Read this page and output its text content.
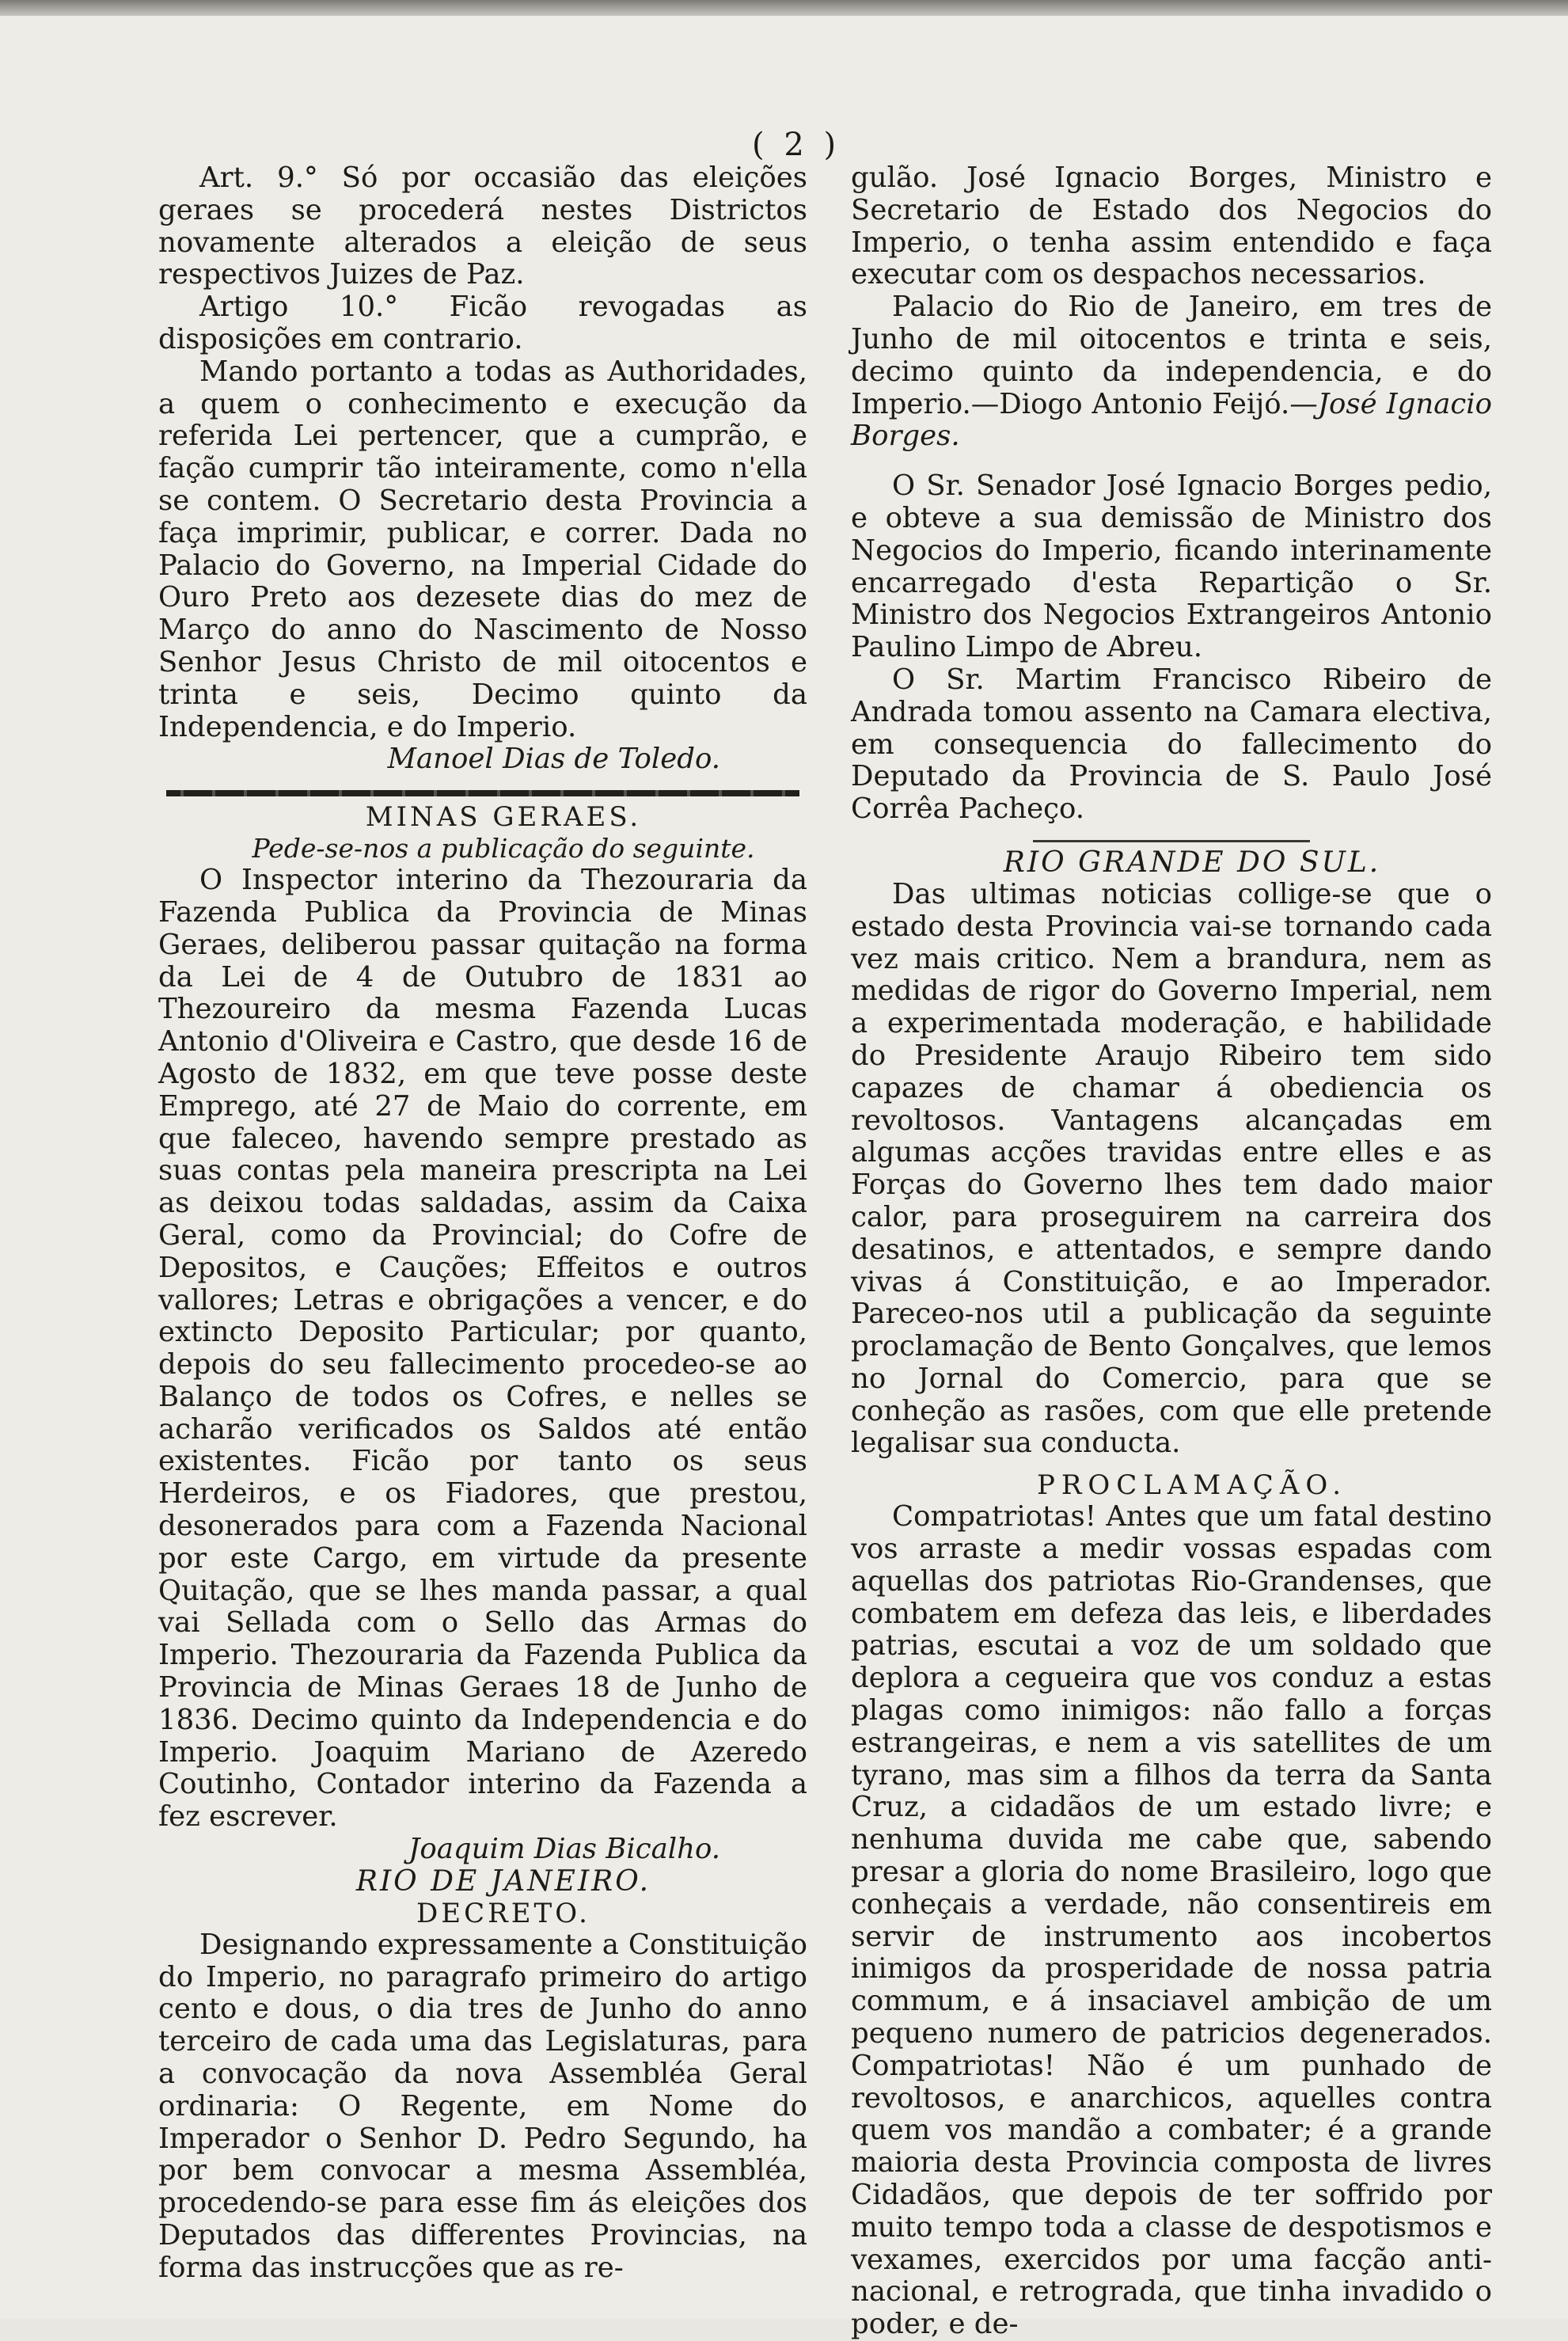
( 2 )

Art. 9.° Só por occasião das eleições geraes se procederá nestes Districtos novamente alterados a eleição de seus respectivos Juizes de Paz.

Artigo 10.° Ficão revogadas as disposições em contrario.

Mando portanto a todas as Authoridades, a quem o conhecimento e execução da referida Lei pertencer, que a cumprão, e fação cumprir tão inteiramente, como n'ella se contem. O Secretario desta Provincia a faça imprimir, publicar, e correr. Dada no Palacio do Governo, na Imperial Cidade do Ouro Preto aos dezesete dias do mez de Março do anno do Nascimento de Nosso Senhor Jesus Christo de mil oitocentos e trinta e seis, Decimo quinto da Independencia, e do Imperio.

Manoel Dias de Toledo.

MINAS GERAES.

Pede-se-nos a publicação do seguinte.

O Inspector interino da Thezouraria da Fazenda Publica da Provincia de Minas Geraes, deliberou passar quitação na forma da Lei de 4 de Outubro de 1831 ao Thezoureiro da mesma Fazenda Lucas Antonio d'Oliveira e Castro, que desde 16 de Agosto de 1832, em que teve posse deste Emprego, até 27 de Maio do corrente, em que faleceo, havendo sempre prestado as suas contas pela maneira prescripta na Lei as deixou todas saldadas, assim da Caixa Geral, como da Provincial; do Cofre de Depositos, e Cauções; Effeitos e outros vallores; Letras e obrigações a vencer, e do extincto Deposito Particular; por quanto, depois do seu fallecimento procedeo-se ao Balanço de todos os Cofres, e nelles se acharão verificados os Saldos até então existentes. Ficão por tanto os seus Herdeiros, e os Fiadores, que prestou, desonerados para com a Fazenda Nacional por este Cargo, em virtude da presente Quitação, que se lhes manda passar, a qual vai Sellada com o Sello das Armas do Imperio. Thezouraria da Fazenda Publica da Provincia de Minas Geraes 18 de Junho de 1836. Decimo quinto da Independencia e do Imperio. Joaquim Mariano de Azeredo Coutinho, Contador interino da Fazenda a fez escrever.

Joaquim Dias Bicalho.

RIO DE JANEIRO.

DECRETO.

Designando expressamente a Constituição do Imperio, no paragrafo primeiro do artigo cento e dous, o dia tres de Junho do anno terceiro de cada uma das Legislaturas, para a convocação da nova Assembléa Geral ordinaria: O Regente, em Nome do Imperador o Senhor D. Pedro Segundo, ha por bem convocar a mesma Assembléa, procedendo-se para esse fim ás eleições dos Deputados das differentes Provincias, na forma das instrucções que as re-

gulão. José Ignacio Borges, Ministro e Secretario de Estado dos Negocios do Imperio, o tenha assim entendido e faça executar com os despachos necessarios.

Palacio do Rio de Janeiro, em tres de Junho de mil oitocentos e trinta e seis, decimo quinto da independencia, e do Imperio.—Diogo Antonio Feijó.—José Ignacio Borges.

O Sr. Senador José Ignacio Borges pedio, e obteve a sua demissão de Ministro dos Negocios do Imperio, ficando interinamente encarregado d'esta Repartição o Sr. Ministro dos Negocios Extrangeiros Antonio Paulino Limpo de Abreu.

O Sr. Martim Francisco Ribeiro de Andrada tomou assento na Camara electiva, em consequencia do fallecimento do Deputado da Provincia de S. Paulo José Corrêa Pacheço.

RIO GRANDE DO SUL.

Das ultimas noticias collige-se que o estado desta Provincia vai-se tornando cada vez mais critico. Nem a brandura, nem as medidas de rigor do Governo Imperial, nem a experimentada moderação, e habilidade do Presidente Araujo Ribeiro tem sido capazes de chamar á obediencia os revoltosos. Vantagens alcançadas em algumas acções travidas entre elles e as Forças do Governo lhes tem dado maior calor, para proseguirem na carreira dos desatinos, e attentados, e sempre dando vivas á Constituição, e ao Imperador. Pareceo-nos util a publicação da seguinte proclamação de Bento Gonçalves, que lemos no Jornal do Comercio, para que se conheção as rasões, com que elle pretende legalisar sua conducta.

PROCLAMAÇÃO.

Compatriotas! Antes que um fatal destino vos arraste a medir vossas espadas com aquellas dos patriotas Rio-Grandenses, que combatem em defeza das leis, e liberdades patrias, escutai a voz de um soldado que deplora a cegueira que vos conduz a estas plagas como inimigos: não fallo a forças estrangeiras, e nem a vis satellites de um tyrano, mas sim a filhos da terra da Santa Cruz, a cidadãos de um estado livre; e nenhuma duvida me cabe que, sabendo presar a gloria do nome Brasileiro, logo que conheçais a verdade, não consentireis em servir de instrumento aos incobertos inimigos da prosperidade de nossa patria commum, e á insaciavel ambição de um pequeno numero de patricios degenerados. Compatriotas! Não é um punhado de revoltosos, e anarchicos, aquelles contra quem vos mandão a combater; é a grande maioria desta Provincia composta de livres Cidadãos, que depois de ter soffrido por muito tempo toda a classe de despotismos e vexames, exercidos por uma facção anti-nacional, e retrograda, que tinha invadido o poder, e de-
